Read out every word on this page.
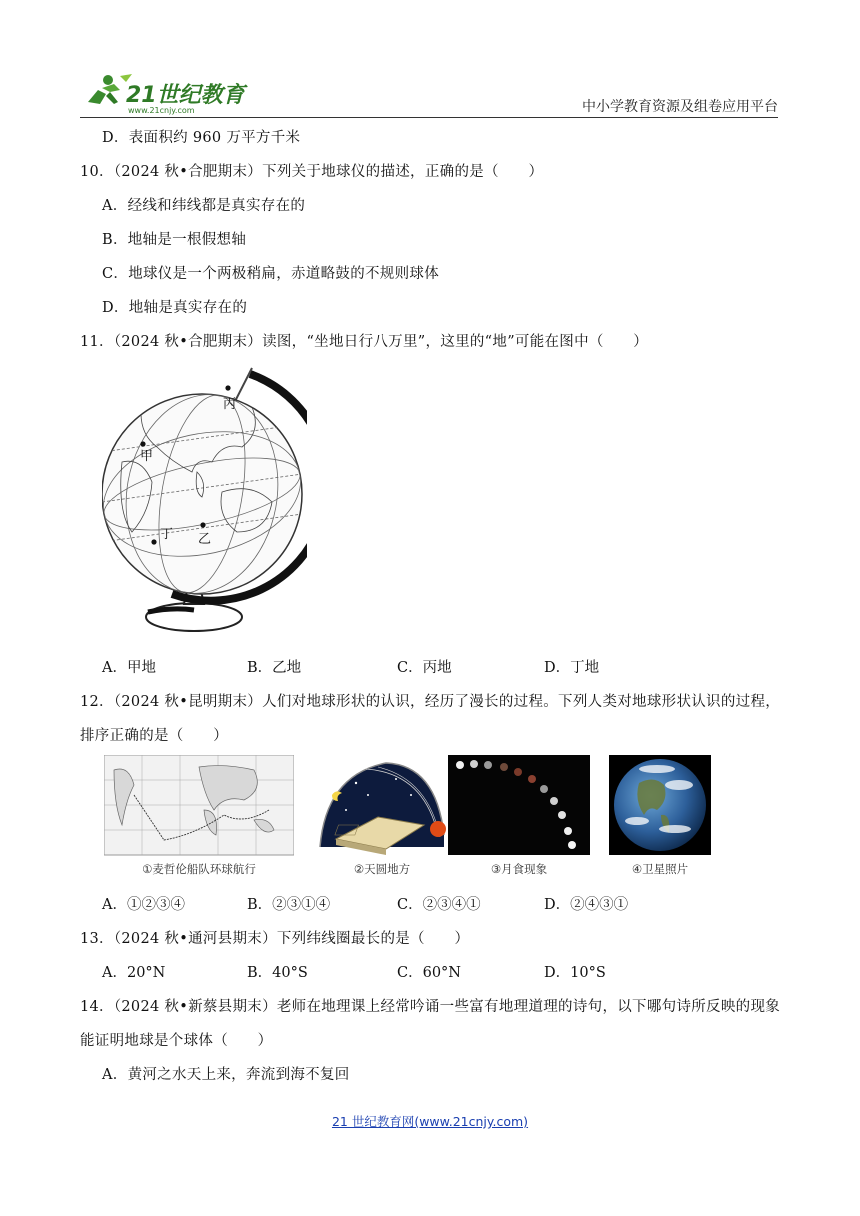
21世纪教育
www.21cnjy.com	中小学教育资源及组卷应用平台
D．表面积约 960 万平方千米
10．（2024 秋•合肥期末）下列关于地球仪的描述，正确的是（　　）
A．经线和纬线都是真实存在的
B．地轴是一根假想轴
C．地球仪是一个两极稍扁，赤道略鼓的不规则球体
D．地轴是真实存在的
11．（2024 秋•合肥期末）读图，“坐地日行八万里”，这里的“地”可能在图中（　　）
丙
甲
丁 乙
A．甲地	B．乙地	C．丙地	D．丁地
12．（2024 秋•昆明期末）人们对地球形状的认识，经历了漫长的过程。下列人类对地球形状认识的过程，
排序正确的是（　　）
①麦哲伦船队环球航行	②天圆地方	③月食现象	④卫星照片
A．①②③④	B．②③①④	C．②③④①	D．②④③①
13．（2024 秋•通河县期末）下列纬线圈最长的是（　　）
A．20°N	B．40°S	C．60°N	D．10°S
14．（2024 秋•新蔡县期末）老师在地理课上经常吟诵一些富有地理道理的诗句，以下哪句诗所反映的现象
能证明地球是个球体（　　）
A．黄河之水天上来，奔流到海不复回
21 世纪教育网(www.21cnjy.com)
